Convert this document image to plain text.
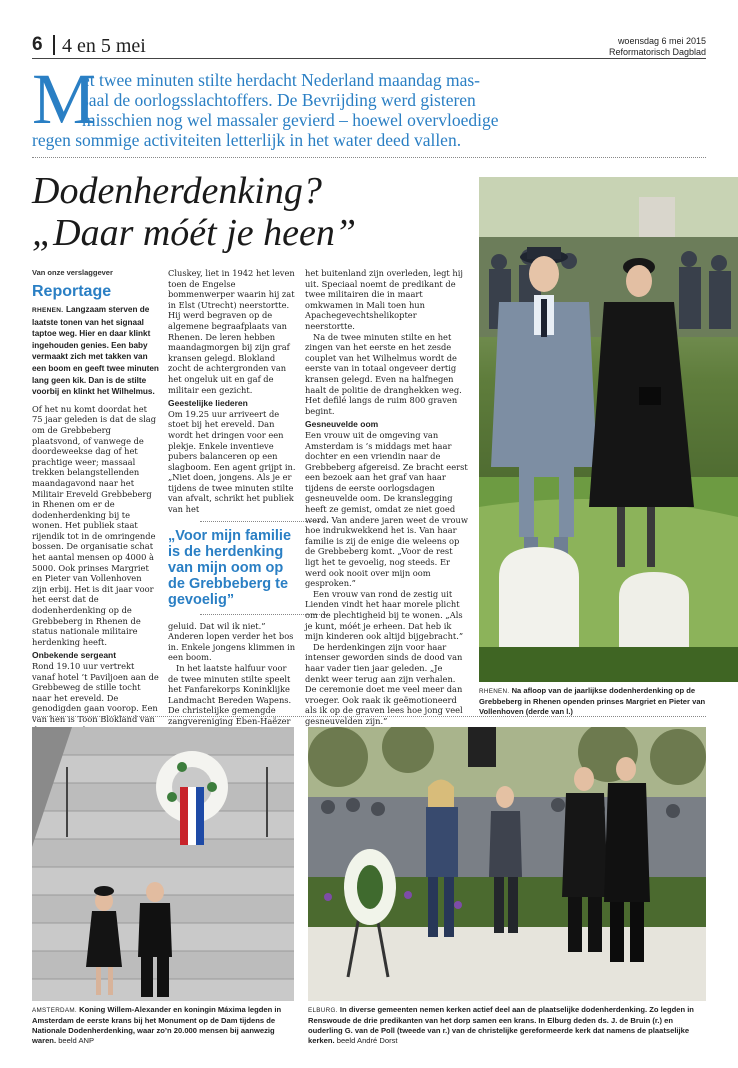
6 4 en 5 mei	woensdag 6 mei 2015
Reformatorisch Dagblad
M
et twee minuten stilte herdacht Nederland maandag mas-
saal de oorlogsslachtoffers. De Bevrijding werd gisteren
misschien nog wel massaler gevierd – hoewel overvloedige
regen sommige activiteiten letterlijk in het water deed vallen.
Dodenherdenking?
„Daar móét je heen”
Van onze verslaggever
Reportage

RHENEN. Langzaam sterven de laatste tonen van het signaal taptoe weg. Hier en daar klinkt ingehouden genies. Een baby vermaakt zich met takken van een boom en geeft twee minuten lang geen kik. Dan is de stilte voorbij en klinkt het Wilhelmus.

Of het nu komt doordat het 75 jaar geleden is dat de slag om de Grebbeberg plaatsvond, of vanwege de doordeweekse dag of het prachtige weer; massaal trekken belangstellenden maandagavond naar het Militair Ereveld Grebbeberg in Rhenen om er de dodenherdenking bij te wonen. Het publiek staat rijendik tot in de omringende bossen. De organisatie schat het aantal mensen op 4000 à 5000. Ook prinses Margriet en Pieter van Vollenhoven zijn erbij. Het is dit jaar voor het eerst dat de dodenherdenking op de Grebbeberg in Rhenen de status nationale militaire herdenking heeft.

Onbekende sergeant

Rond 19.10 uur vertrekt vanaf hotel ’t Paviljoen aan de Grebbeweg de stille tocht naar het ereveld. De genodigden gaan voorop. Een van hen is Toon Blokland van

Cluskey, liet in 1942 het leven toen de Engelse bommenwerper waarin hij zat in Elst (Utrecht) neerstortte. Hij werd begraven op de algemene begraafplaats van Rhenen. De leren hebben maandagmorgen bij zijn graf kransen gelegd. Blokland zocht de achtergronden van het ongeluk uit en gaf de militair een gezicht.

Geestelijke liederen

Om 19.25 uur arriveert de stoet bij het ereveld. Dan wordt het dringen voor een plekje. Enkele inventieve pubers balanceren op een slagboom. Een agent grijpt in. „Niet doen, jongens. Als je er tijdens de twee minuten stilte van afvalt, schrikt het publiek van het

„Voor mijn familie is de herdenking van mijn oom op de Grebbeberg te gevoelig”

geluid. Dat wil ik niet.” Anderen lopen verder het bos in. Enkele jongens klimmen in een boom.

In het laatste halfuur voor de twee minuten stilte speelt het Fanfarekorps Koninklijke Landmacht Bereden Wapens. De christelijke gemengde zangvereniging Eben-Haëzer

het buitenland zijn overleden, legt hij uit. Speciaal noemt de predikant de twee militairen die in maart omkwamen in Mali toen hun Apachegevechtshelikopter neerstortte.

Na de twee minuten stilte en het zingen van het eerste en het zesde couplet van het Wilhelmus wordt de eerste van in totaal ongeveer dertig kransen gelegd. Even na halfnegen haalt de politie de dranghekken weg. Het defilé langs de ruim 800 graven begint.

Gesneuvelde oom

Een vrouw uit de omgeving van Amsterdam is ’s middags met haar dochter en een vriendin naar de Grebbeberg afgereisd. Ze bracht eerst een bezoek aan het graf van haar tijdens de eerste oorlogsdagen gesneuvelde oom. De kranslegging heeft ze gemist, omdat ze niet goed werd. Van andere jaren weet de vrouw hoe indrukwekkend het is. Van haar familie is zij de enige die weleens op de Grebbeberg komt. „Voor de rest ligt het te gevoelig, nog steeds. Er werd ook nooit over mijn oom gesproken.”

Een vrouw van rond de zestig uit Lienden vindt het haar morele plicht om de plechtigheid bij te wonen. „Als je kunt, móét je erheen. Dat heb ik mijn kinderen ook altijd bijgebracht.”

De herdenkingen zijn voor haar intenser geworden sinds de dood van haar vader tien jaar geleden. „Je denkt weer terug aan zijn verhalen. De ceremonie doet me veel meer dan vroeger. Ook raak ik geëmotioneerd als ik op de graven lees hoe jong veel gesneuvelden zijn.”

RHENEN. Na afloop van de jaarlijkse dodenherdenking op de Grebbeberg in Rhenen openden prinses Margriet en Pieter van Vollenhoven (derde van l.)
AMSTERDAM. Koning Willem-Alexander en koningin Máxima legden in Amsterdam de eerste krans bij het Monument op de Dam tijdens de Nationale Dodenherdenking, waar zo’n 20.000 mensen bij aanwezig waren. beeld ANP
ELBURG. In diverse gemeenten nemen kerken actief deel aan de plaatselijke dodenherdenking. Zo legden in Renswoude de drie predikanten van het dorp samen een krans. In Elburg deden ds. J. de Bruin (r.) en ouderling G. van de Poll (tweede van r.) van de christelijke gereformeerde kerk dat namens de plaatselijke kerken. beeld André Dorst
